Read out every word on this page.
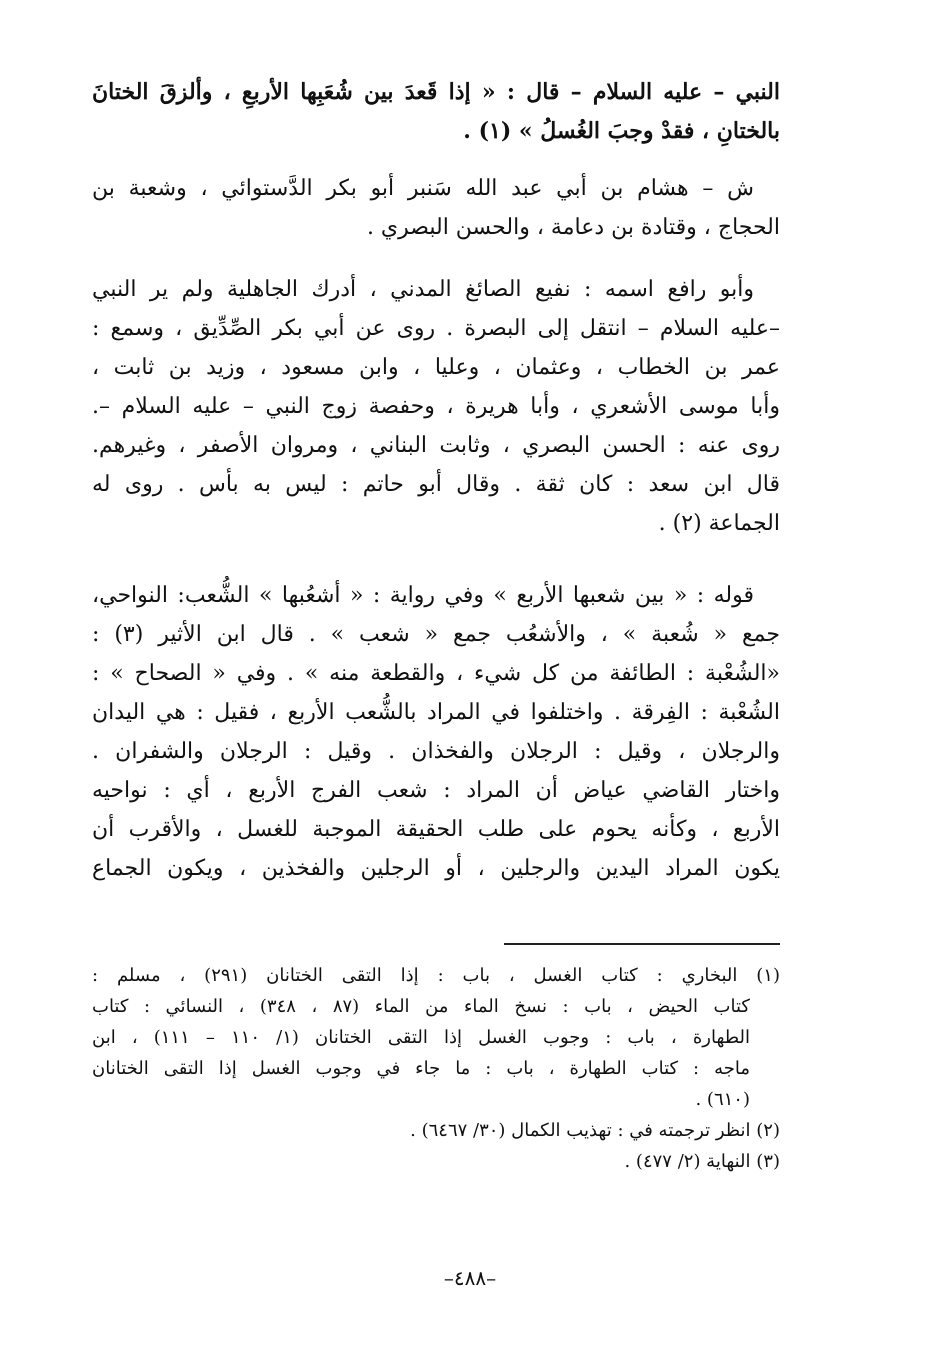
النبي – عليه السلام – قال : « إذا قَعدَ بين شُعَبِها الأربعِ ، وألزقَ الختانَ
بالختانِ ، فقدْ وجبَ الغُسلُ » (١) .
ش – هشام بن أبي عبد الله سَنبر أبو بكر الدَّستوائي ، وشعبة بن
الحجاج ، وقتادة بن دعامة ، والحسن البصري .
وأبو رافع اسمه : نفيع الصائغ المدني ، أدرك الجاهلية ولم ير النبي
–عليه السلام – انتقل إلى البصرة . روى عن أبي بكر الصِّدِّيق ، وسمع :
عمر بن الخطاب ، وعثمان ، وعليا ، وابن مسعود ، وزيد بن ثابت ،
وأبا موسى الأشعري ، وأبا هريرة ، وحفصة زوج النبي – عليه السلام –.
روى عنه : الحسن البصري ، وثابت البناني ، ومروان الأصفر ، وغيرهم.
قال ابن سعد : كان ثقة . وقال أبو حاتم : ليس به بأس . روى له
الجماعة (٢) .
قوله : « بين شعبها الأربع » وفي رواية : « أشعُبها » الشُّعب: النواحي،
جمع « شُعبة » ، والأشعُب جمع « شعب » . قال ابن الأثير (٣) :
«الشُعْبة : الطائفة من كل شيء ، والقطعة منه » . وفي « الصحاح » :
الشُعْبة : الفِرقة . واختلفوا في المراد بالشُّعب الأربع ، فقيل : هي اليدان
والرجلان ، وقيل : الرجلان والفخذان . وقيل : الرجلان والشفران .
واختار القاضي عياض أن المراد : شعب الفرج الأربع ، أي : نواحيه
الأربع ، وكأنه يحوم على طلب الحقيقة الموجبة للغسل ، والأقرب أن
يكون المراد اليدين والرجلين ، أو الرجلين والفخذين ، ويكون الجماع
(١) البخاري : كتاب الغسل ، باب : إذا التقى الختانان (٢٩١) ، مسلم :
كتاب الحيض ، باب : نسخ الماء من الماء (٨٧ ، ٣٤٨) ، النسائي : كتاب
الطهارة ، باب : وجوب الغسل إذا التقى الختانان (١/ ١١٠ – ١١١) ، ابن
ماجه : كتاب الطهارة ، باب : ما جاء في وجوب الغسل إذا التقى الختانان
(٦١٠) .
(٢) انظر ترجمته في : تهذيب الكمال (٣٠/ ٦٤٦٧) .
(٣) النهاية (٢/ ٤٧٧) .
–٤٨٨–
